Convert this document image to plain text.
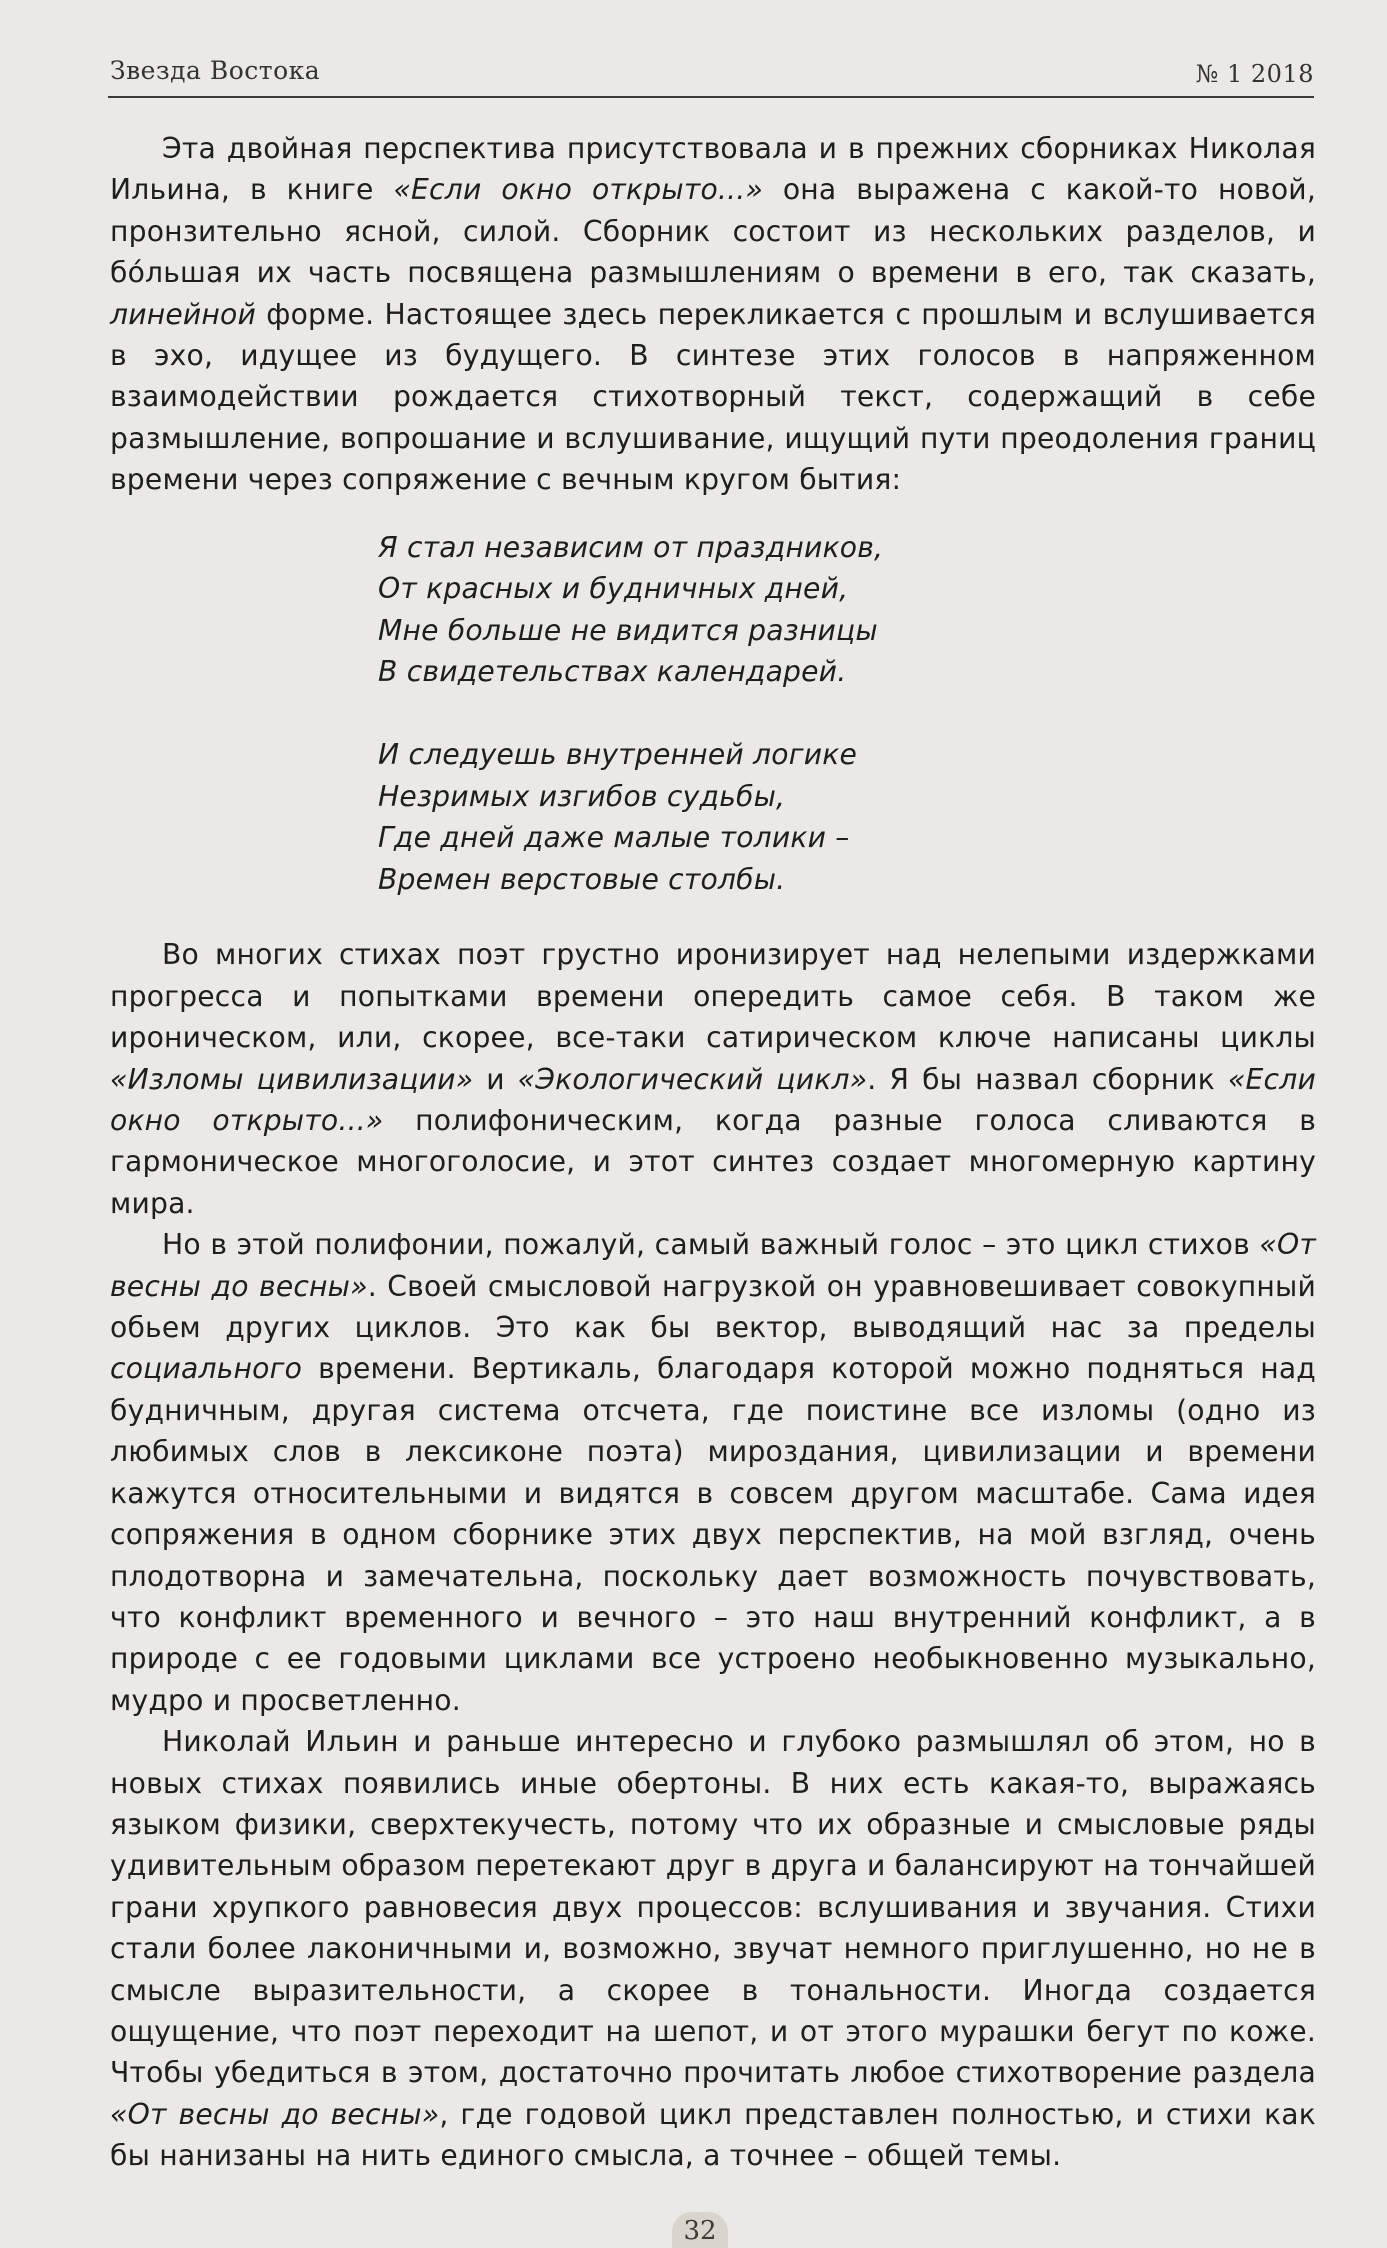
Звезда Востока	№ 1 2018

Эта двойная перспектива присутствовала и в прежних сборниках Николая Ильина, в книге «Если окно открыто...» она выражена с какой-то новой, пронзительно ясной, силой. Сборник состоит из нескольких разделов, и бо́льшая их часть посвящена размышлениям о времени в его, так сказать, линейной форме. Настоящее здесь перекликается с прошлым и вслушивается в эхо, идущее из будущего. В синтезе этих голосов в напряженном взаимодействии рождается стихотворный текст, содержащий в себе размышление, вопрошание и вслушивание, ищущий пути преодоления границ времени через сопряжение с вечным кругом бытия:

Я стал независим от праздников,
От красных и будничных дней,
Мне больше не видится разницы
В свидетельствах календарей.
И следуешь внутренней логике
Незримых изгибов судьбы,
Где дней даже малые толики –
Времен верстовые столбы.

Во многих стихах поэт грустно иронизирует над нелепыми издержками прогресса и попытками времени опередить самое себя. В таком же ироническом, или, скорее, все-таки сатирическом ключе написаны циклы «Изломы цивилизации» и «Экологический цикл». Я бы назвал сборник «Если окно открыто...» полифоническим, когда разные голоса сливаются в гармоническое многоголосие, и этот синтез создает многомерную картину мира.

Но в этой полифонии, пожалуй, самый важный голос – это цикл стихов «От весны до весны». Своей смысловой нагрузкой он уравновешивает совокупный обьем других циклов. Это как бы вектор, выводящий нас за пределы социального времени. Вертикаль, благодаря которой можно подняться над будничным, другая система отсчета, где поистине все изломы (одно из любимых слов в лексиконе поэта) мироздания, цивилизации и времени кажутся относительными и видятся в совсем другом масштабе. Сама идея сопряжения в одном сборнике этих двух перспектив, на мой взгляд, очень плодотворна и замечательна, поскольку дает возможность почувствовать, что конфликт временного и вечного – это наш внутренний конфликт, а в природе с ее годовыми циклами все устроено необыкновенно музыкально, мудро и просветленно.

Николай Ильин и раньше интересно и глубоко размышлял об этом, но в новых стихах появились иные обертоны. В них есть какая-то, выражаясь языком физики, сверхтекучесть, потому что их образные и смысловые ряды удивительным образом перетекают друг в друга и балансируют на тончайшей грани хрупкого равновесия двух процессов: вслушивания и звучания. Стихи стали более лаконичными и, возможно, звучат немного приглушенно, но не в смысле выразительности, а скорее в тональности. Иногда создается ощущение, что поэт переходит на шепот, и от этого мурашки бегут по коже. Чтобы убедиться в этом, достаточно прочитать любое стихотворение раздела «От весны до весны», где годовой цикл представлен полностью, и стихи как бы нанизаны на нить единого смысла, а точнее – общей темы.

32
